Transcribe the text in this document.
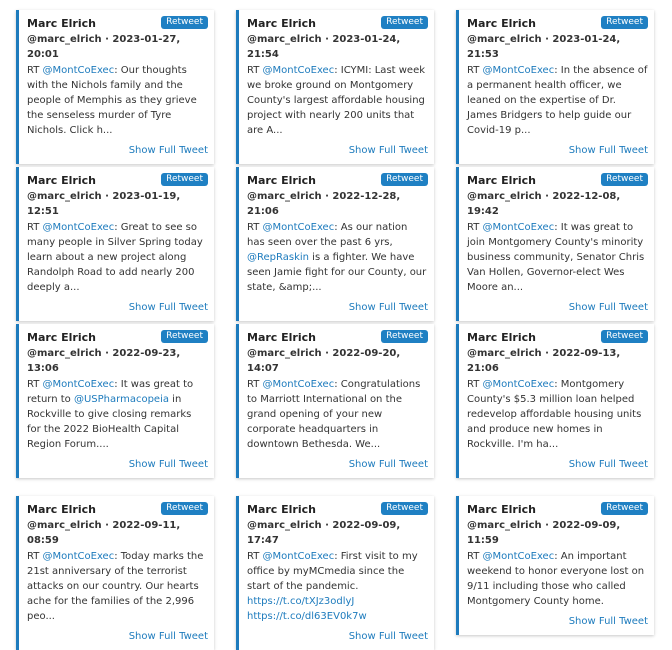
Marc Elrich	Retweet
@marc_elrich · 2023-01-27, 20:01
RT @MontCoExec: Our thoughts with the Nichols family and the people of Memphis as they grieve the senseless murder of Tyre Nichols. Click h...
Show Full Tweet
Marc Elrich	Retweet
@marc_elrich · 2023-01-24, 21:54
RT @MontCoExec: ICYMI: Last week we broke ground on Montgomery County's largest affordable housing project with nearly 200 units that are A...
Show Full Tweet
Marc Elrich	Retweet
@marc_elrich · 2023-01-24, 21:53
RT @MontCoExec: In the absence of a permanent health officer, we leaned on the expertise of Dr. James Bridgers to help guide our Covid-19 p...
Show Full Tweet
Marc Elrich	Retweet
@marc_elrich · 2023-01-19, 12:51
RT @MontCoExec: Great to see so many people in Silver Spring today learn about a new project along Randolph Road to add nearly 200 deeply a...
Show Full Tweet
Marc Elrich	Retweet
@marc_elrich · 2022-12-28, 21:06
RT @MontCoExec: As our nation has seen over the past 6 yrs, @RepRaskin is a fighter. We have seen Jamie fight for our County, our state, &amp;...
Show Full Tweet
Marc Elrich	Retweet
@marc_elrich · 2022-12-08, 19:42
RT @MontCoExec: It was great to join Montgomery County's minority business community, Senator Chris Van Hollen, Governor-elect Wes Moore an...
Show Full Tweet
Marc Elrich	Retweet
@marc_elrich · 2022-09-23, 13:06
RT @MontCoExec: It was great to return to @USPharmacopeia in Rockville to give closing remarks for the 2022 BioHealth Capital Region Forum....
Show Full Tweet
Marc Elrich	Retweet
@marc_elrich · 2022-09-20, 14:07
RT @MontCoExec: Congratulations to Marriott International on the grand opening of your new corporate headquarters in downtown Bethesda. We...
Show Full Tweet
Marc Elrich	Retweet
@marc_elrich · 2022-09-13, 21:06
RT @MontCoExec: Montgomery County's $5.3 million loan helped redevelop affordable housing units and produce new homes in Rockville. I'm ha...
Show Full Tweet
Marc Elrich	Retweet
@marc_elrich · 2022-09-11, 08:59
RT @MontCoExec: Today marks the 21st anniversary of the terrorist attacks on our country. Our hearts ache for the families of the 2,996 peo...
Show Full Tweet
Marc Elrich	Retweet
@marc_elrich · 2022-09-09, 17:47
RT @MontCoExec: First visit to my office by myMCmedia since the start of the pandemic. https://t.co/tXJz3odlyJ
https://t.co/dl63EV0k7w
Show Full Tweet
Marc Elrich	Retweet
@marc_elrich · 2022-09-09, 11:59
RT @MontCoExec: An important weekend to honor everyone lost on 9/11 including those who called Montgomery County home.
Show Full Tweet
